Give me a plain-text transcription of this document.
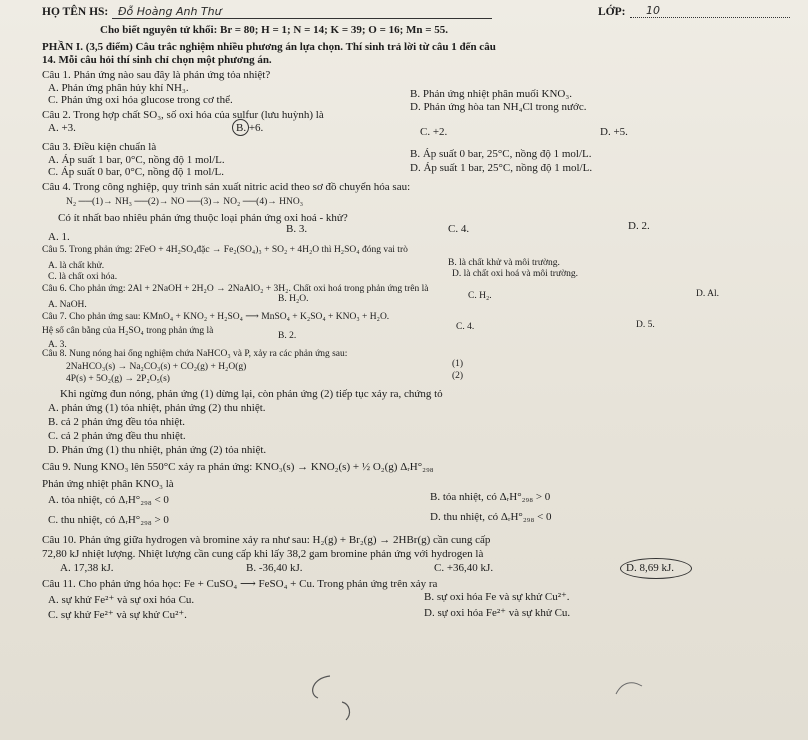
HỌ TÊN HS: Đỗ Hoàng Anh Thư	LỚP: 10
Cho biết nguyên tử khối: Br = 80; H = 1; N = 14; K = 39; O = 16; Mn = 55.
PHẦN I. (3,5 điểm) Câu trắc nghiệm nhiều phương án lựa chọn. Thí sinh trả lời từ câu 1 đến câu
14. Mỗi câu hỏi thí sinh chỉ chọn một phương án.
Câu 1. Phản ứng nào sau đây là phản ứng tỏa nhiệt?
A. Phản ứng phân hủy khí NH₃.	B. Phản ứng nhiệt phân muối KNO₃.
C. Phản ứng oxi hóa glucose trong cơ thể.
D. Phản ứng hòa tan NH₄Cl trong nước.
Câu 2. Trong hợp chất SO₃, số oxi hóa của sulfur (lưu huỳnh) là
A. +3.	B. +6.	C. +2.	D. +5.
Câu 3. Điều kiện chuẩn là
A. Áp suất 1 bar, 0°C, nồng độ 1 mol/L.	B. Áp suất 0 bar, 25°C, nồng độ 1 mol/L.
C. Áp suất 0 bar, 0°C, nồng độ 1 mol/L.	D. Áp suất 1 bar, 25°C, nồng độ 1 mol/L.
Câu 4. Trong công nghiệp, quy trình sản xuất nitric acid theo sơ đồ chuyển hóa sau:
N₂ ──(1)→ NH₃ ──(2)→ NO ──(3)→ NO₂ ──(4)→ HNO₃
Có ít nhất bao nhiêu phản ứng thuộc loại phản ứng oxi hoá - khử?
A. 1.
B. 3.	C. 4.	D. 2.
Câu 5. Trong phản ứng: 2FeO + 4H₂SO₄đặc → Fe₂(SO₄)₃ + SO₂ + 4H₂O thì H₂SO₄ đóng vai trò
A. là chất khử.	B. là chất khử và môi trường.
C. là chất oxi hóa.	D. là chất oxi hoá và môi trường.
Câu 6. Cho phản ứng: 2Al + 2NaOH + 2H₂O → 2NaAlO₂ + 3H₂. Chất oxi hoá trong phản ứng trên là
A. NaOH.
B. H₂O.	C. H₂.	D. Al.
Câu 7. Cho phản ứng sau: KMnO₄ + KNO₂ + H₂SO₄ ⟶ MnSO₄ + K₂SO₄ + KNO₃ + H₂O.
Hệ số cân bằng của H₂SO₄ trong phản ứng là
A. 3.
B. 2.
C. 4.	D. 5.
Câu 8. Nung nóng hai ống nghiệm chứa NaHCO₃ và P, xảy ra các phản ứng sau:
2NaHCO₃(s) → Na₂CO₃(s) + CO₂(g) + H₂O(g)	(1)
4P(s) + 5O₂(g) → 2P₂O₅(s)	(2)
Khi ngừng đun nóng, phản ứng (1) dừng lại, còn phản ứng (2) tiếp tục xảy ra, chứng tỏ
A. phản ứng (1) tỏa nhiệt, phản ứng (2) thu nhiệt.
B. cả 2 phản ứng đều tỏa nhiệt.
C. cả 2 phản ứng đều thu nhiệt.
D. Phản ứng (1) thu nhiệt, phản ứng (2) tỏa nhiệt.
Câu 9. Nung KNO₃ lên 550°C xảy ra phản ứng: KNO₃(s) → KNO₂(s) + ½ O₂(g) ΔᵣH°₂₉₈
Phản ứng nhiệt phân KNO₃ là
A. tỏa nhiệt, có ΔᵣH°₂₉₈ < 0	B. tỏa nhiệt, có ΔᵣH°₂₉₈ > 0
C. thu nhiệt, có ΔᵣH°₂₉₈ > 0	D. thu nhiệt, có ΔᵣH°₂₉₈ < 0
Câu 10. Phản ứng giữa hydrogen và bromine xảy ra như sau: H₂(g) + Br₂(g) → 2HBr(g) cần cung cấp
72,80 kJ nhiệt lượng. Nhiệt lượng cần cung cấp khi lấy 38,2 gam bromine phản ứng với hydrogen là
A. 17,38 kJ.	B. -36,40 kJ.	C. +36,40 kJ.	D. 8,69 kJ.
Câu 11. Cho phản ứng hóa học: Fe + CuSO₄ ⟶ FeSO₄ + Cu. Trong phản ứng trên xảy ra
A. sự khử Fe²⁺ và sự oxi hóa Cu.	B. sự oxi hóa Fe và sự khử Cu²⁺.
C. sự khử Fe²⁺ và sự khử Cu²⁺.	D. sự oxi hóa Fe²⁺ và sự khử Cu.
